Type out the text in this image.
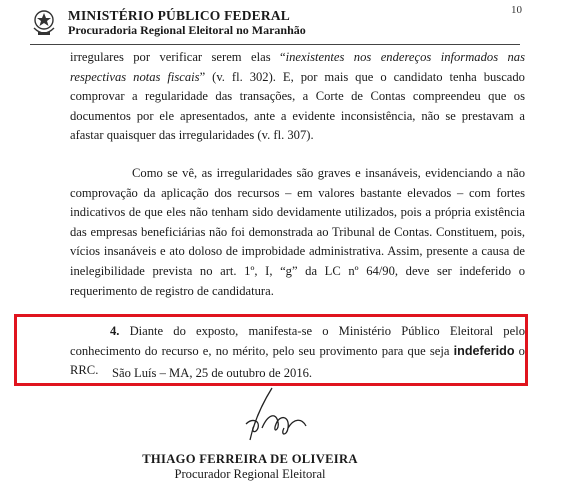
10
MINISTÉRIO PÚBLICO FEDERAL
Procuradoria Regional Eleitoral no Maranhão
irregulares por verificar serem elas “inexistentes nos endereços informados nas respectivas notas fiscais” (v. fl. 302). E, por mais que o candidato tenha buscado comprovar a regularidade das transações, a Corte de Contas compreendeu que os documentos por ele apresentados, ante a evidente inconsistência, não se prestavam a afastar quaisquer das irregularidades (v. fl. 307).
Como se vê, as irregularidades são graves e insanáveis, evidenciando a não comprovação da aplicação dos recursos – em valores bastante elevados – com fortes indicativos de que eles não tenham sido devidamente utilizados, pois a própria existência das empresas beneficiárias não foi demonstrada ao Tribunal de Contas. Constituem, pois, vícios insanáveis e ato doloso de improbidade administrativa. Assim, presente a causa de inelegibilidade prevista no art. 1º, I, “g” da LC nº 64/90, deve ser indeferido o requerimento de registro de candidatura.
4. Diante do exposto, manifesta-se o Ministério Público Eleitoral pelo conhecimento do recurso e, no mérito, pelo seu provimento para que seja indeferido o RRC.	São Luís – MA, 25 de outubro de 2016.
THIAGO FERREIRA DE OLIVEIRA
Procurador Regional Eleitoral
